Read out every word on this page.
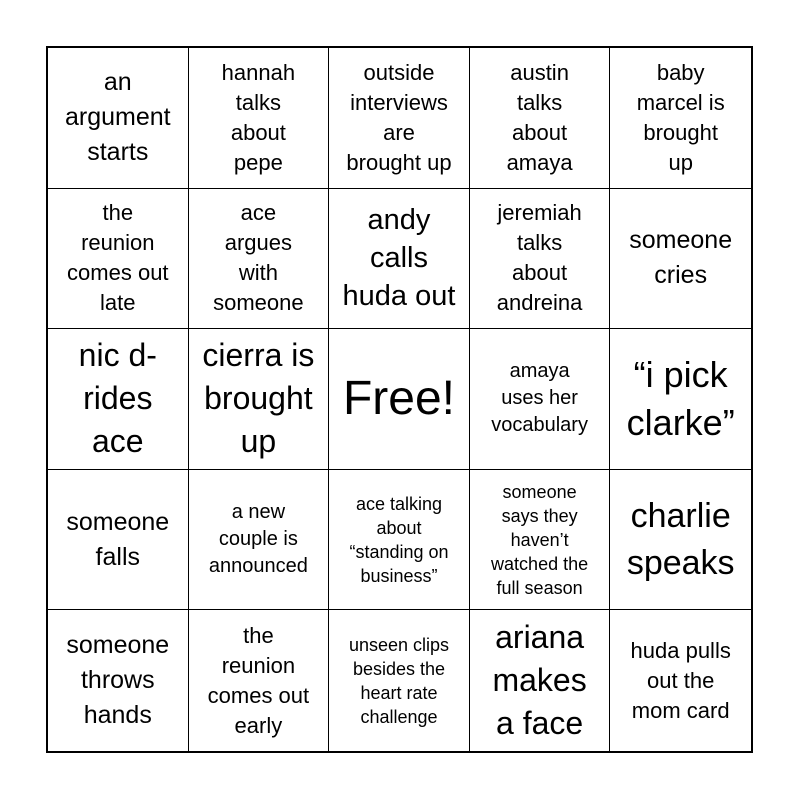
an
argument
starts
hannah
talks
about
pepe
outside
interviews
are
brought up
austin
talks
about
amaya
baby
marcel is
brought
up
the
reunion
comes out
late
ace
argues
with
someone
andy
calls
huda out
jeremiah
talks
about
andreina
someone
cries
nic d-
rides
ace
cierra is
brought
up
Free!
amaya
uses her
vocabulary
“i pick
clarke”
someone
falls
a new
couple is
announced
ace talking
about
“standing on
business”
someone
says they
haven’t
watched the
full season
charlie
speaks
someone
throws
hands
the
reunion
comes out
early
unseen clips
besides the
heart rate
challenge
ariana
makes
a face
huda pulls
out the
mom card
